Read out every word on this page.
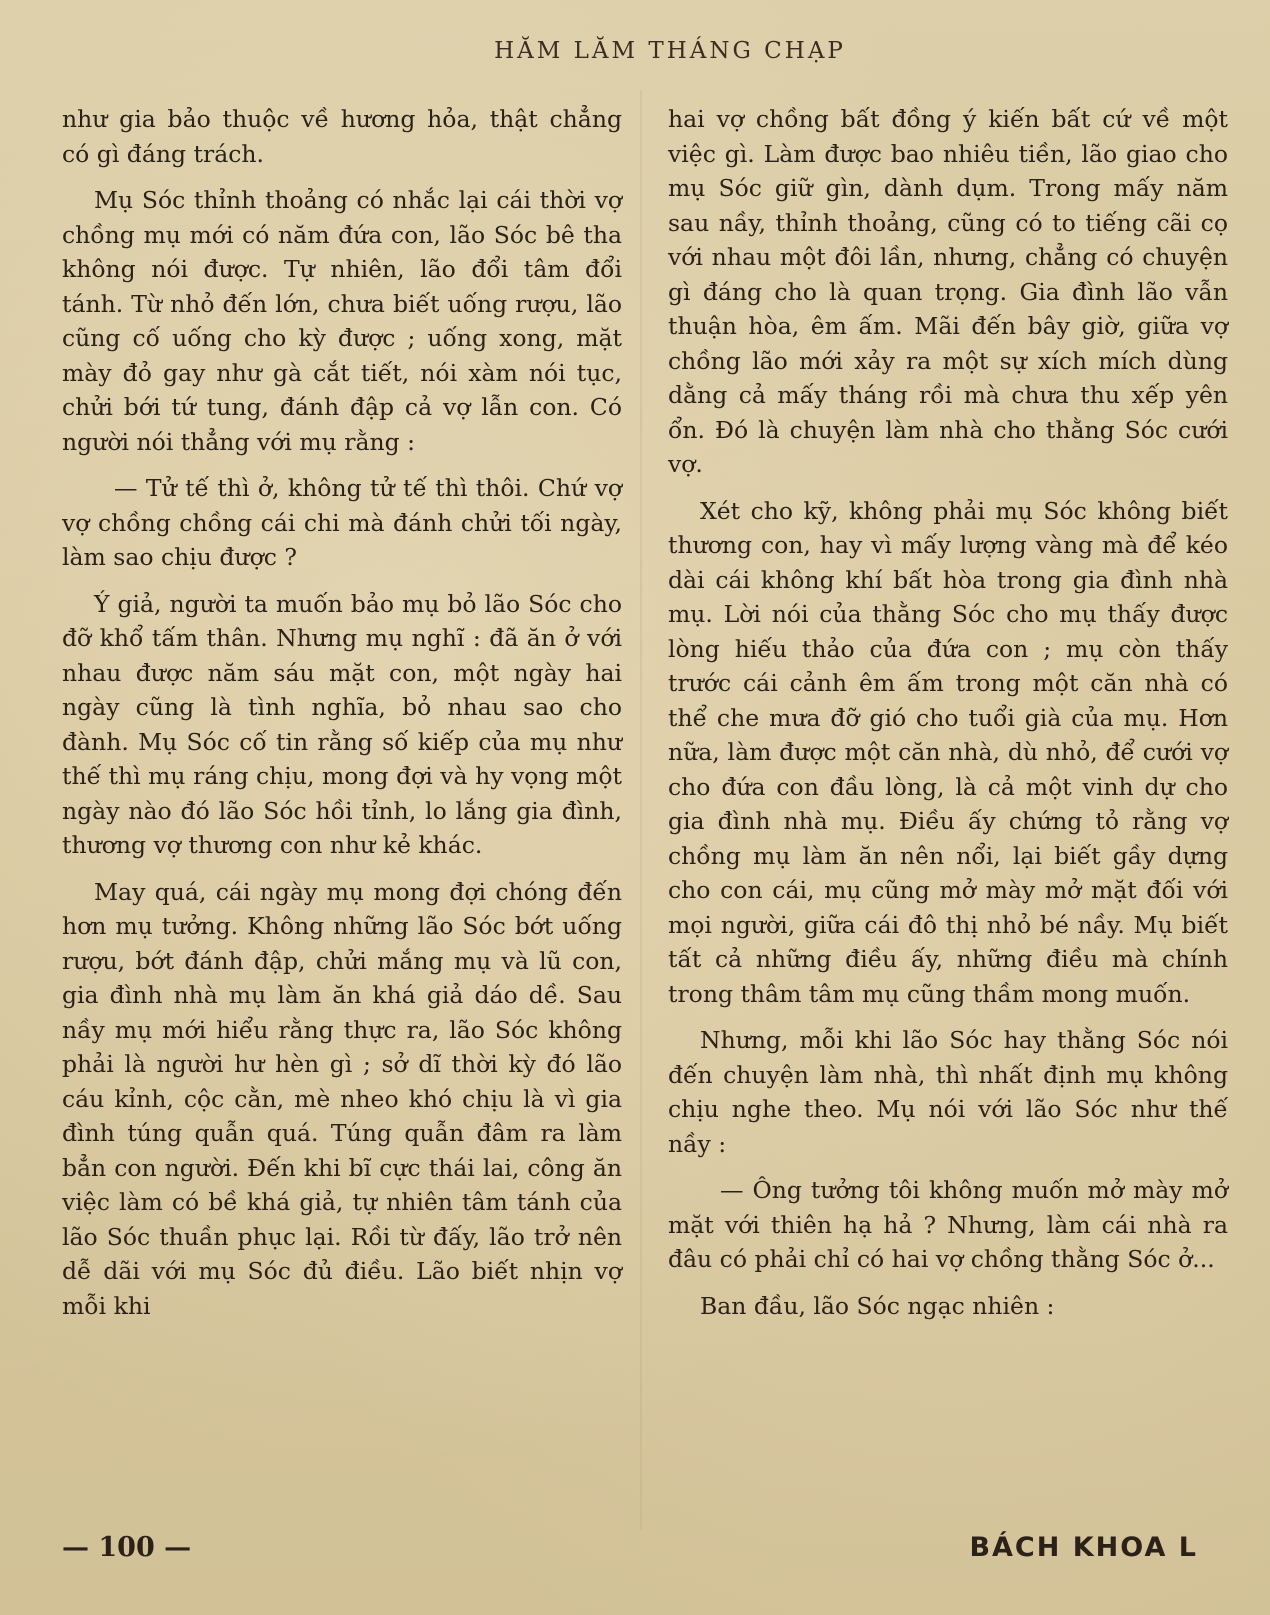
HĂM LĂM THÁNG CHẠP

như gia bảo thuộc về hương hỏa, thật chẳng có gì đáng trách.

Mụ Sóc thỉnh thoảng có nhắc lại cái thời vợ chồng mụ mới có năm đứa con, lão Sóc bê tha không nói được. Tự nhiên, lão đổi tâm đổi tánh. Từ nhỏ đến lớn, chưa biết uống rượu, lão cũng cố uống cho kỳ được ; uống xong, mặt mày đỏ gay như gà cắt tiết, nói xàm nói tục, chửi bới tứ tung, đánh đập cả vợ lẫn con. Có người nói thẳng với mụ rằng :

— Tử tế thì ở, không tử tế thì thôi. Chứ vợ vợ chồng chồng cái chi mà đánh chửi tối ngày, làm sao chịu được ?

Ý giả, người ta muốn bảo mụ bỏ lão Sóc cho đỡ khổ tấm thân. Nhưng mụ nghĩ : đã ăn ở với nhau được năm sáu mặt con, một ngày hai ngày cũng là tình nghĩa, bỏ nhau sao cho đành. Mụ Sóc cố tin rằng số kiếp của mụ như thế thì mụ ráng chịu, mong đợi và hy vọng một ngày nào đó lão Sóc hồi tỉnh, lo lắng gia đình, thương vợ thương con như kẻ khác.

May quá, cái ngày mụ mong đợi chóng đến hơn mụ tưởng. Không những lão Sóc bớt uống rượu, bớt đánh đập, chửi mắng mụ và lũ con, gia đình nhà mụ làm ăn khá giả dáo dề. Sau nầy mụ mới hiểu rằng thực ra, lão Sóc không phải là người hư hèn gì ; sở dĩ thời kỳ đó lão cáu kỉnh, cộc cằn, mè nheo khó chịu là vì gia đình túng quẫn quá. Túng quẫn đâm ra làm bẳn con người. Đến khi bĩ cực thái lai, công ăn việc làm có bề khá giả, tự nhiên tâm tánh của lão Sóc thuần phục lại. Rồi từ đấy, lão trở nên dễ dãi với mụ Sóc đủ điều. Lão biết nhịn vợ mỗi khi

hai vợ chồng bất đồng ý kiến bất cứ về một việc gì. Làm được bao nhiêu tiền, lão giao cho mụ Sóc giữ gìn, dành dụm. Trong mấy năm sau nầy, thỉnh thoảng, cũng có to tiếng cãi cọ với nhau một đôi lần, nhưng, chẳng có chuyện gì đáng cho là quan trọng. Gia đình lão vẫn thuận hòa, êm ấm. Mãi đến bây giờ, giữa vợ chồng lão mới xảy ra một sự xích mích dùng dằng cả mấy tháng rồi mà chưa thu xếp yên ổn. Đó là chuyện làm nhà cho thằng Sóc cưới vợ.

Xét cho kỹ, không phải mụ Sóc không biết thương con, hay vì mấy lượng vàng mà để kéo dài cái không khí bất hòa trong gia đình nhà mụ. Lời nói của thằng Sóc cho mụ thấy được lòng hiếu thảo của đứa con ; mụ còn thấy trước cái cảnh êm ấm trong một căn nhà có thể che mưa đỡ gió cho tuổi già của mụ. Hơn nữa, làm được một căn nhà, dù nhỏ, để cưới vợ cho đứa con đầu lòng, là cả một vinh dự cho gia đình nhà mụ. Điều ấy chứng tỏ rằng vợ chồng mụ làm ăn nên nổi, lại biết gầy dựng cho con cái, mụ cũng mở mày mở mặt đối với mọi người, giữa cái đô thị nhỏ bé nầy. Mụ biết tất cả những điều ấy, những điều mà chính trong thâm tâm mụ cũng thầm mong muốn.

Nhưng, mỗi khi lão Sóc hay thằng Sóc nói đến chuyện làm nhà, thì nhất định mụ không chịu nghe theo. Mụ nói với lão Sóc như thế nầy :

— Ông tưởng tôi không muốn mở mày mở mặt với thiên hạ hả ? Nhưng, làm cái nhà ra đâu có phải chỉ có hai vợ chồng thằng Sóc ở...

Ban đầu, lão Sóc ngạc nhiên :

— 100 —	BÁCH KHOA L
